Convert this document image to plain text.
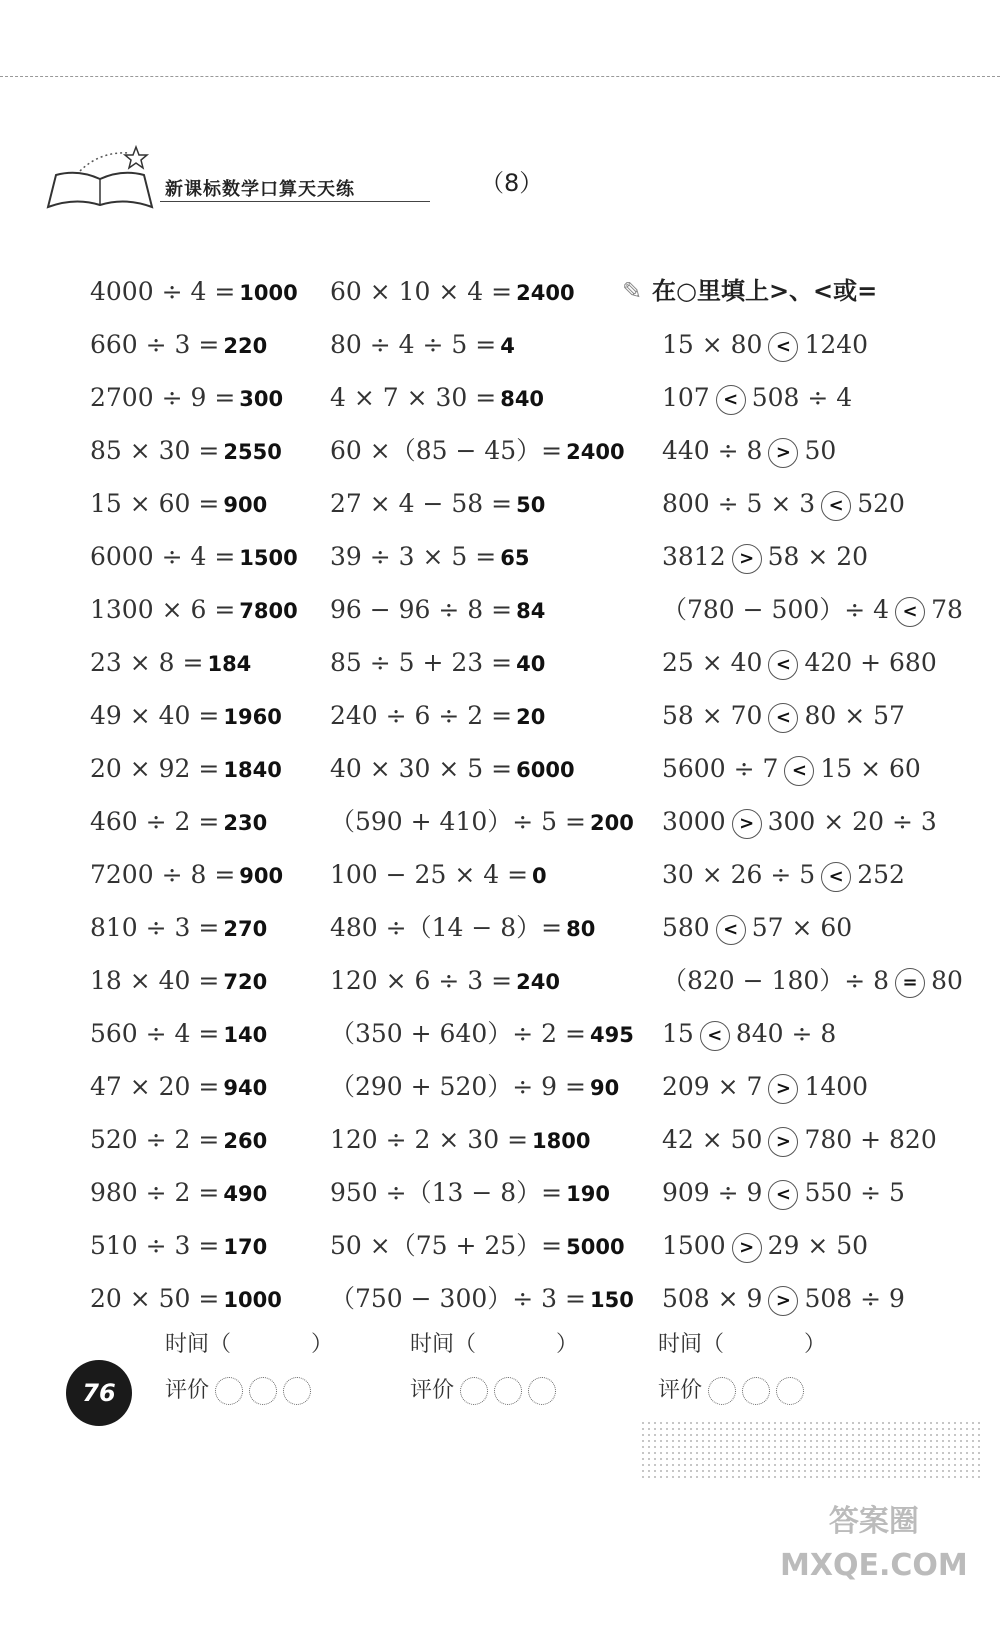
新课标数学口算天天练	（8）
4000 ÷ 4 = 1000
660 ÷ 3 = 220
2700 ÷ 9 = 300
85 × 30 = 2550
15 × 60 = 900
6000 ÷ 4 = 1500
1300 × 6 = 7800
23 × 8 = 184
49 × 40 = 1960
20 × 92 = 1840
460 ÷ 2 = 230
7200 ÷ 8 = 900
810 ÷ 3 = 270
18 × 40 = 720
560 ÷ 4 = 140
47 × 20 = 940
520 ÷ 2 = 260
980 ÷ 2 = 490
510 ÷ 3 = 170
20 × 50 = 1000
60 × 10 × 4 = 2400
80 ÷ 4 ÷ 5 = 4
4 × 7 × 30 = 840
60 ×（85 − 45）= 2400
27 × 4 − 58 = 50
39 ÷ 3 × 5 = 65
96 − 96 ÷ 8 = 84
85 ÷ 5 + 23 = 40
240 ÷ 6 ÷ 2 = 20
40 × 30 × 5 = 6000
（590 + 410）÷ 5 = 200
100 − 25 × 4 = 0
480 ÷（14 − 8）= 80
120 × 6 ÷ 3 = 240
（350 + 640）÷ 2 = 495
（290 + 520）÷ 9 = 90
120 ÷ 2 × 30 = 1800
950 ÷（13 − 8）= 190
50 ×（75 + 25）= 5000
（750 − 300）÷ 3 = 150
✎ 在○里填上>、<或=
15 × 80 < 1240
107 < 508 ÷ 4
440 ÷ 8 > 50
800 ÷ 5 × 3 < 520
3812 > 58 × 20
（780 − 500）÷ 4 < 78
25 × 40 < 420 + 680
58 × 70 < 80 × 57
5600 ÷ 7 < 15 × 60
3000 > 300 × 20 ÷ 3
30 × 26 ÷ 5 < 252
580 < 57 × 60
（820 − 180）÷ 8 = 80
15 < 840 ÷ 8
209 × 7 > 1400
42 × 50 > 780 + 820
909 ÷ 9 < 550 ÷ 5
1500 > 29 × 50
508 × 9 > 508 ÷ 9
时间（	）
评价
时间（	）
评价
时间（	）
评价
76
答案圈
MXQE.COM
